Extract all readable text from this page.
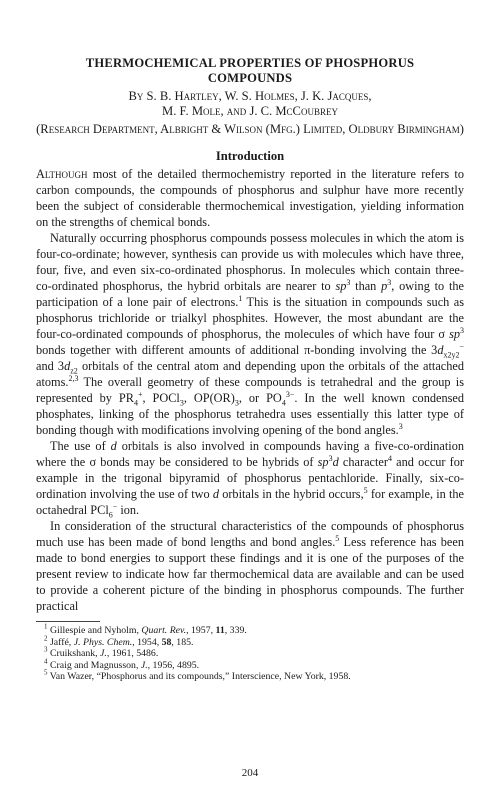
THERMOCHEMICAL PROPERTIES OF PHOSPHORUS COMPOUNDS
By S. B. Hartley, W. S. Holmes, J. K. Jacques,
M. F. Mole, and J. C. McCoubrey
(Research Department, Albright & Wilson (Mfg.) Limited, Oldbury Birmingham)
Introduction

Although most of the detailed thermochemistry reported in the literature refers to carbon compounds, the compounds of phosphorus and sulphur have more recently been the subject of considerable thermochemical investigation, yielding information on the strengths of chemical bonds.

Naturally occurring phosphorus compounds possess molecules in which the atom is four-co-ordinate; however, synthesis can provide us with molecules which have three, four, five, and even six-co-ordinated phosphorus. In molecules which contain three-co-ordinated phosphorus, the hybrid orbitals are nearer to $sp^3$ than $p^3$, owing to the participation of a lone pair of electrons.$^1$ This is the situation in compounds such as phosphorus trichloride or trialkyl phosphites. However, the most abundant are the four-co-ordinated compounds of phosphorus, the molecules of which have four σ $sp^3$ bonds together with different amounts of additional π-bonding involving the $3d_{x2y2}^-$ and $3d_{z2}$ orbitals of the central atom and depending upon the orbitals of the attached atoms.$^{2,3}$ The overall geometry of these compounds is tetrahedral and the group is represented by $PR_4^+$, POCl$_3$, $OP(OR)_3$, or $PO_4^{3-}$. In the well known condensed phosphates, linking of the phosphorus tetrahedra uses essentially this latter type of bonding though with modifications involving opening of the bond angles.$^3$

The use of d orbitals is also involved in compounds having a five-co-ordination where the σ bonds may be considered to be hybrids of $sp^3d$ character$^4$ and occur for example in the trigonal bipyramid of phosphorus pentachloride. Finally, six-co-ordination involving the use of two d orbitals in the hybrid occurs,$^5$ for example, in the octahedral PCl$_6$− ion.

In consideration of the structural characteristics of the compounds of phosphorus much use has been made of bond lengths and bond angles.$^5$ Less reference has been made to bond energies to support these findings and it is one of the purposes of the present review to indicate how far thermochemical data are available and can be used to provide a coherent picture of the binding in phosphorus compounds. The further practical

$^1$ Gillespie and Nyholm, Quart. Rev., 1957, 11, 339.
$^2$ Jaffé, J. Phys. Chem., 1954, 58, 185.
$^3$ Cruikshank, J., 1961, 5486.
$^4$ Craig and Magnusson, J., 1956, 4895.
$^5$ Van Wazer, “Phosphorus and its compounds,” Interscience, New York, 1958.
204
